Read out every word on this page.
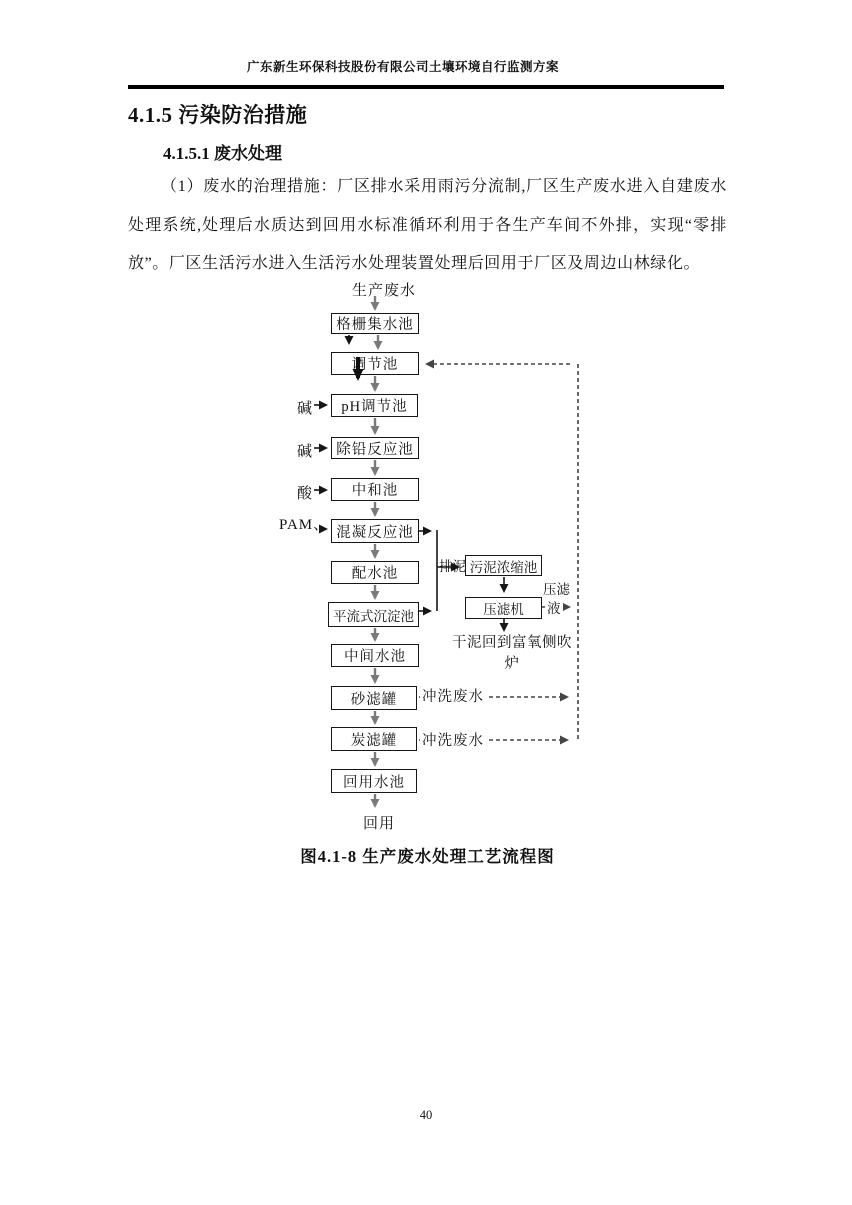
广东新生环保科技股份有限公司土壤环境自行监测方案
4.1.5 污染防治措施
4.1.5.1 废水处理
（1）废水的治理措施：厂区排水采用雨污分流制,厂区生产废水进入自建废水处理系统,处理后水质达到回用水标准循环利用于各生产车间不外排，实现“零排放”。厂区生活污水进入生活污水处理装置处理后回用于厂区及周边山林绿化。
格栅集水池
调节池
pH调节池
除铅反应池
中和池
混凝反应池
配水池
平流式沉淀池
中间水池
砂滤罐
炭滤罐
回用水池
污泥浓缩池
压滤机
生产废水
回用
碱
碱
酸
PAM、
排泥
压滤
液
冲洗废水
冲洗废水
干泥回到富氧侧吹
炉
图4.1-8 生产废水处理工艺流程图
40
